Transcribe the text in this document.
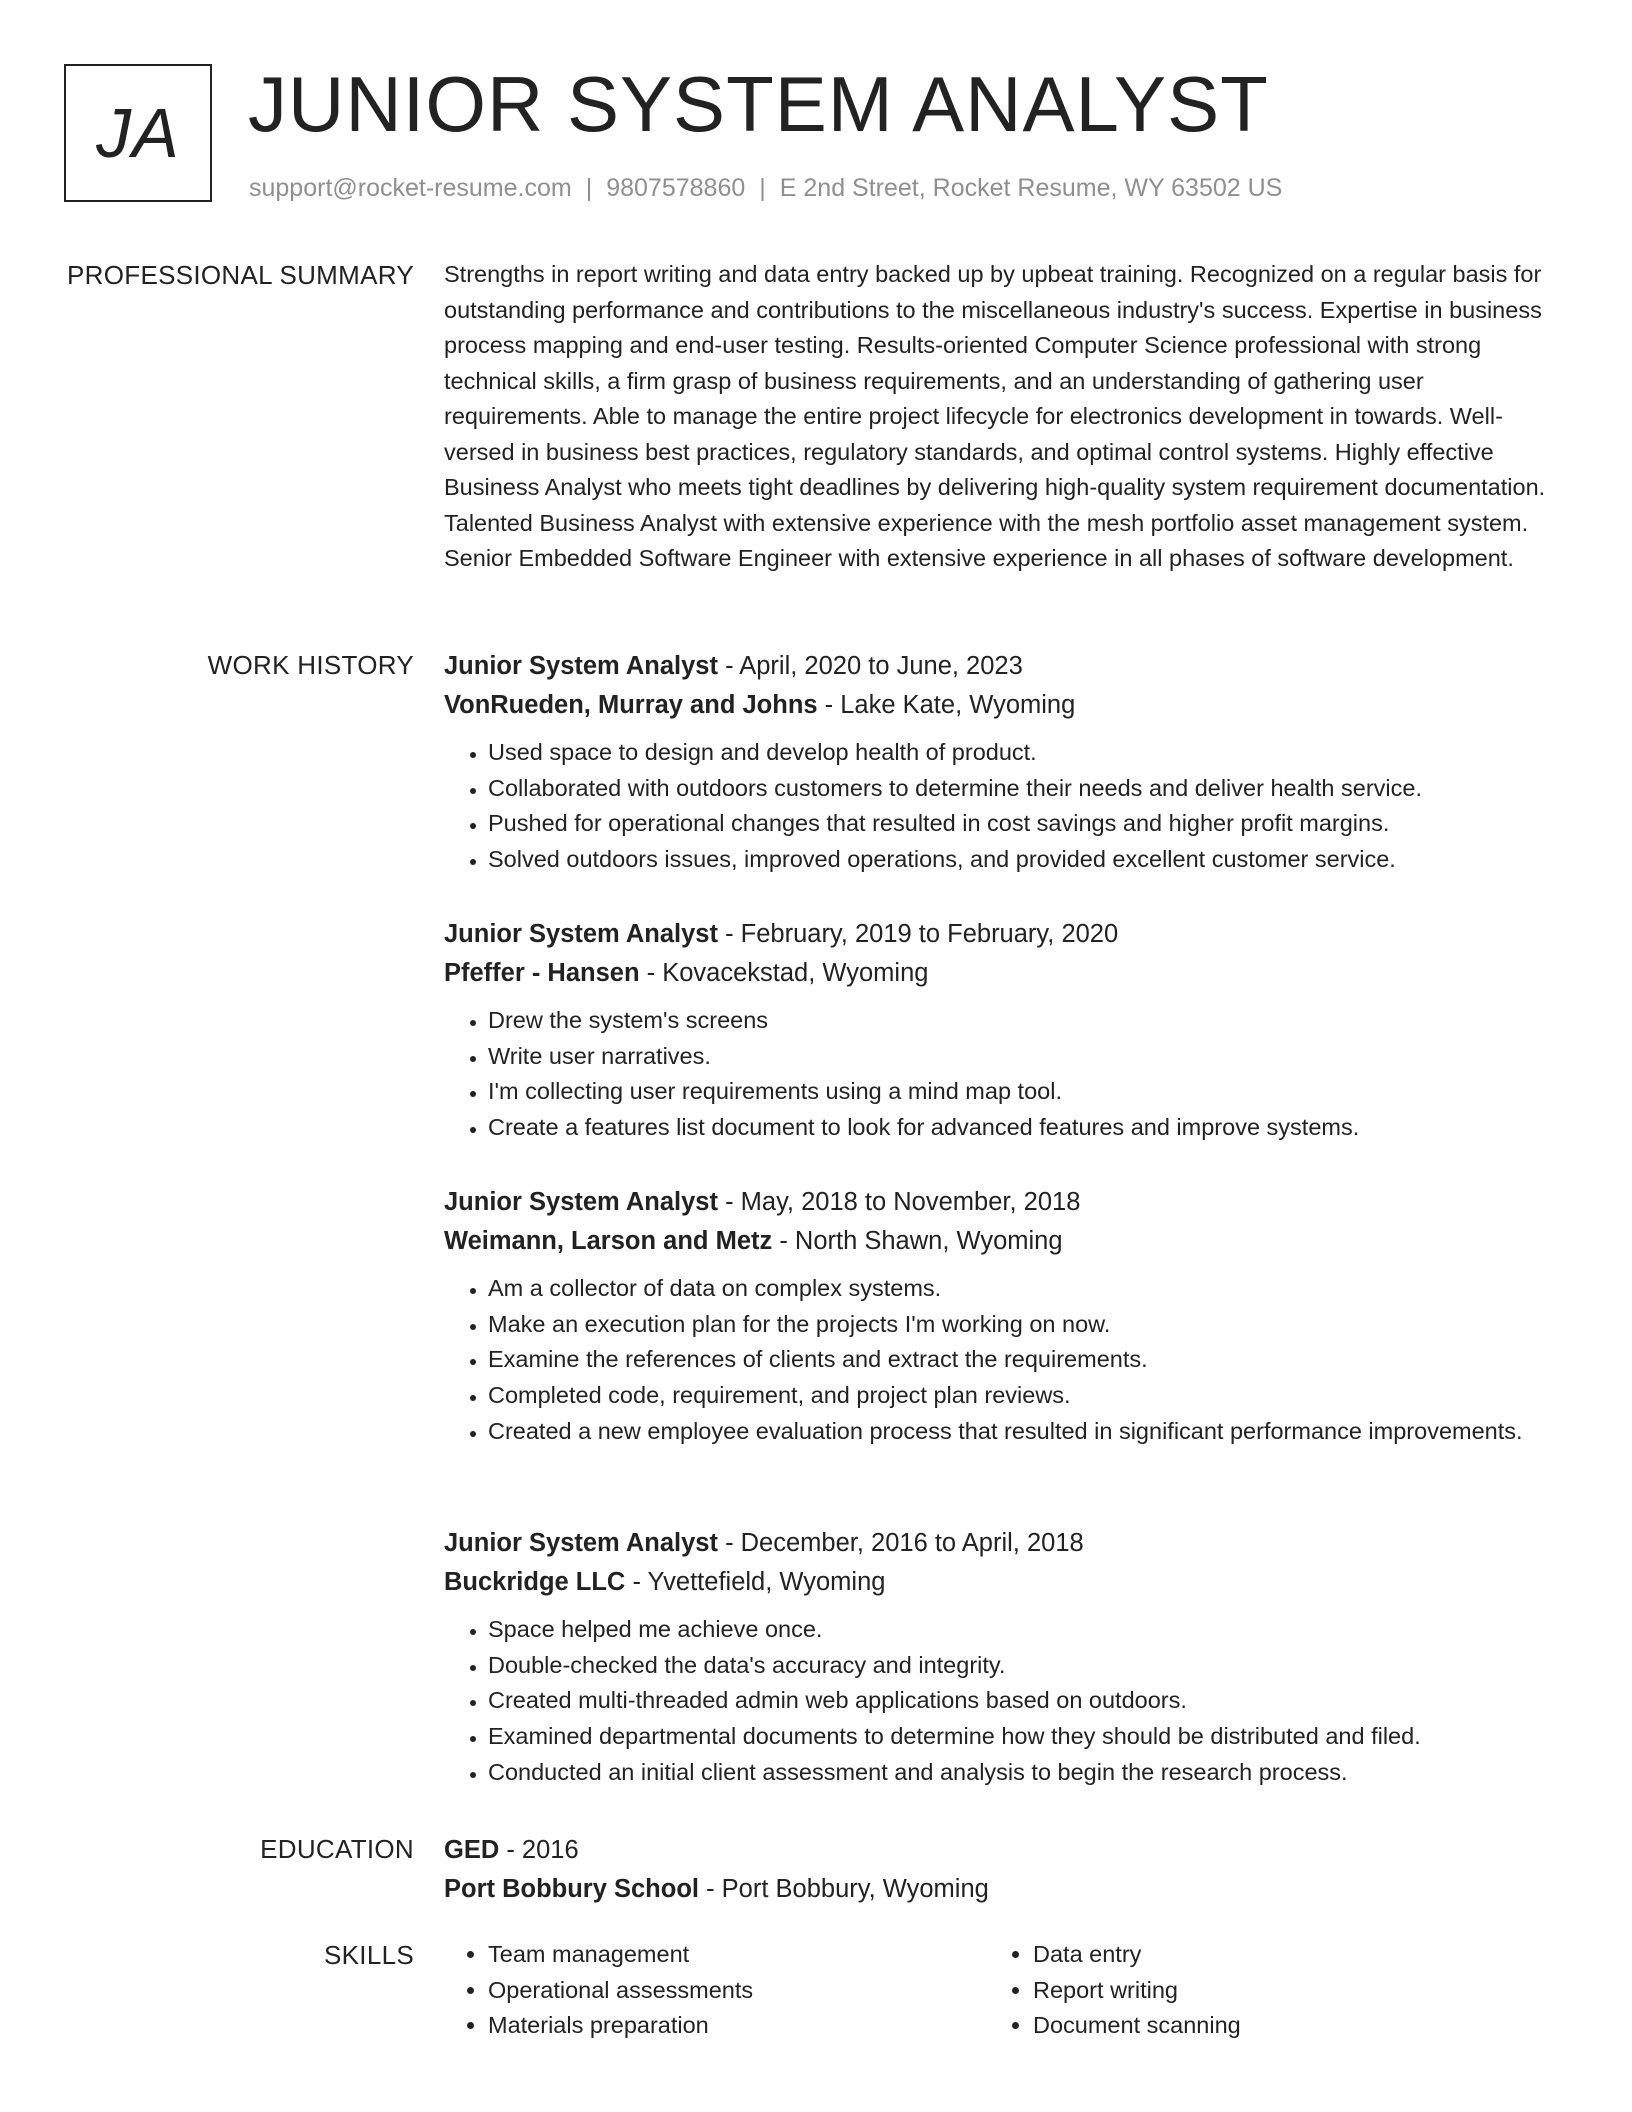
JA JUNIOR SYSTEM ANALYST
support@rocket-resume.com | 9807578860 | E 2nd Street, Rocket Resume, WY 63502 US
PROFESSIONAL SUMMARY Strengths in report writing and data entry backed up by upbeat training. Recognized on a regular basis for outstanding performance and contributions to the miscellaneous industry's success. Expertise in business process mapping and end-user testing. Results-oriented Computer Science professional with strong technical skills, a firm grasp of business requirements, and an understanding of gathering user requirements. Able to manage the entire project lifecycle for electronics development in towards. Well-versed in business best practices, regulatory standards, and optimal control systems. Highly effective Business Analyst who meets tight deadlines by delivering high-quality system requirement documentation. Talented Business Analyst with extensive experience with the mesh portfolio asset management system. Senior Embedded Software Engineer with extensive experience in all phases of software development.

WORK HISTORY Junior System Analyst - April, 2020 to June, 2023
VonRueden, Murray and Johns - Lake Kate, Wyoming
• Used space to design and develop health of product.
• Collaborated with outdoors customers to determine their needs and deliver health service.
• Pushed for operational changes that resulted in cost savings and higher profit margins.
• Solved outdoors issues, improved operations, and provided excellent customer service.
Junior System Analyst - February, 2019 to February, 2020
Pfeffer - Hansen - Kovacekstad, Wyoming
• Drew the system's screens
• Write user narratives.
• I'm collecting user requirements using a mind map tool.
• Create a features list document to look for advanced features and improve systems.
Junior System Analyst - May, 2018 to November, 2018
Weimann, Larson and Metz - North Shawn, Wyoming
• Am a collector of data on complex systems.
• Make an execution plan for the projects I'm working on now.
• Examine the references of clients and extract the requirements.
• Completed code, requirement, and project plan reviews.
• Created a new employee evaluation process that resulted in significant performance improvements.
Junior System Analyst - December, 2016 to April, 2018
Buckridge LLC - Yvettefield, Wyoming
• Space helped me achieve once.
• Double-checked the data's accuracy and integrity.
• Created multi-threaded admin web applications based on outdoors.
• Examined departmental documents to determine how they should be distributed and filed.
• Conducted an initial client assessment and analysis to begin the research process.
EDUCATION GED - 2016
Port Bobbury School - Port Bobbury, Wyoming
SKILLS
•	Team management
• Operational assessments
• Materials preparation
• Data entry
• Report writing
• Document scanning
